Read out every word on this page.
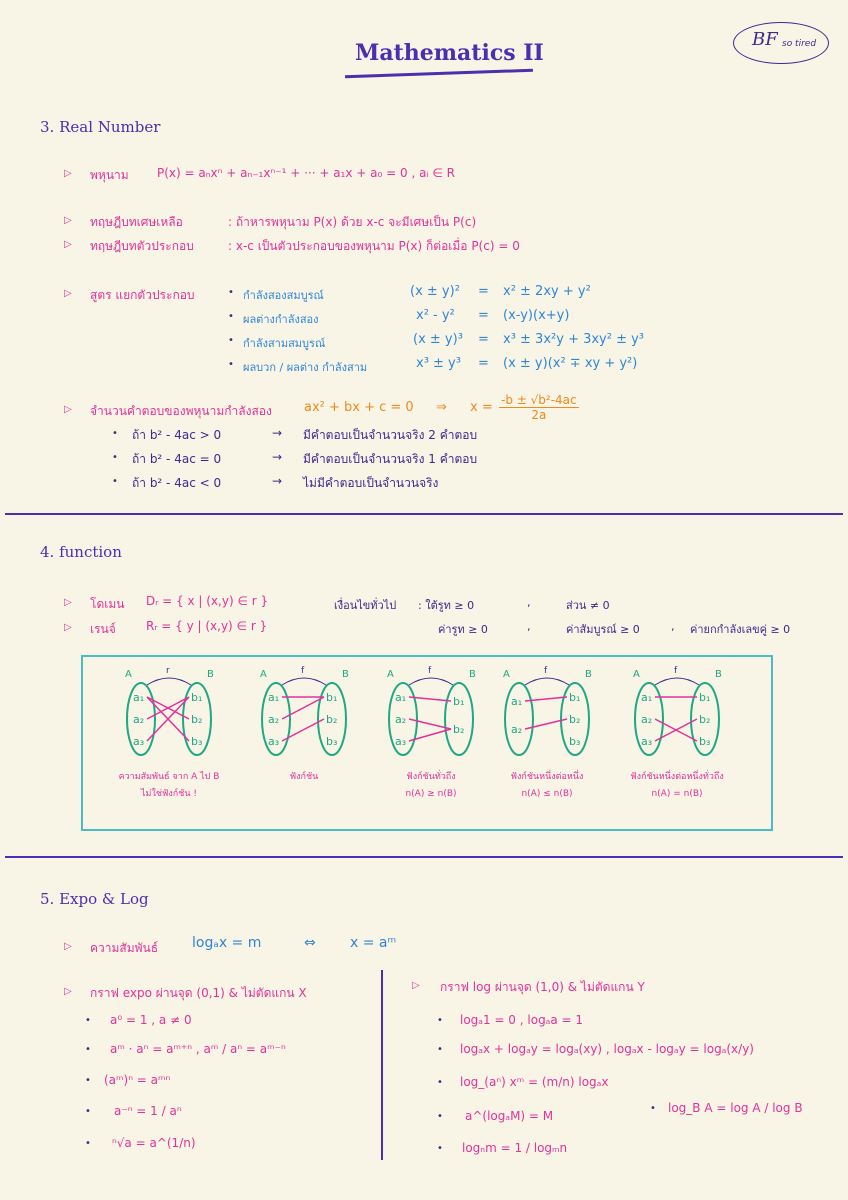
Mathematics II
BF so tired
3. Real Number
▷ พหุนาม P(x) = aₙxⁿ + aₙ₋₁xⁿ⁻¹ + ··· + a₁x + a₀ = 0 , aᵢ ∈ R
▷ ทฤษฎีบทเศษเหลือ	: ถ้าหารพหุนาม P(x) ด้วย x-c จะมีเศษเป็น P(c)
▷ ทฤษฎีบทตัวประกอบ	: x-c เป็นตัวประกอบของพหุนาม P(x) ก็ต่อเมื่อ P(c) = 0
▷ สูตร แยกตัวประกอบ	• กำลังสองสมบูรณ์	(x ± y)² = x² ± 2xy + y²
• ผลต่างกำลังสอง	x² - y² = (x-y)(x+y)
• กำลังสามสมบูรณ์	(x ± y)³ = x³ ± 3x²y + 3xy² ± y³
• ผลบวก / ผลต่าง กำลังสาม	x³ ± y³ = (x ± y)(x² ∓ xy + y²)
▷ จำนวนคำตอบของพหุนามกำลังสอง ax² + bx + c = 0 ⇒ $x = \frac{\text{-b ± √b²-4ac}}{2a}$
• ถ้า b² - 4ac > 0	→ มีคำตอบเป็นจำนวนจริง 2 คำตอบ
• ถ้า b² - 4ac = 0	→ มีคำตอบเป็นจำนวนจริง 1 คำตอบ
• ถ้า b² - 4ac < 0	→ ไม่มีคำตอบเป็นจำนวนจริง
4. function
▷ โดเมน Dᵣ = { x | (x,y) ∈ r }
▷ เรนจ์	Rᵣ = { y | (x,y) ∈ r }
เงื่อนไขทั่วไป : ใต้รูท ≥ 0	,	ส่วน ≠ 0
ค่ารูท ≥ 0	,	ค่าสัมบูรณ์ ≥ 0	, ค่ายกกำลังเลขคู่ ≥ 0
A	B
r
a₁
a₂
a₃
b₁
b₂
b₃
ความสัมพันธ์ จาก A ไป B
ไม่ใช่ฟังก์ชัน !
A	B
f
a₁
a₂
a₃
b₁
b₂
b₃
ฟังก์ชัน
A	B
f
a₁
a₂
a₃
b₁
b₂
ฟังก์ชันทั่วถึง
n(A) ≥ n(B)
A	B
f
a₁
a₂
b₁
b₂
b₃
ฟังก์ชันหนึ่งต่อหนึ่ง
n(A) ≤ n(B)
A	B
f
a₁
a₂
a₃
b₁
b₂
b₃
ฟังก์ชันหนึ่งต่อหนึ่งทั่วถึง
n(A) = n(B)
5. Expo & Log
▷ ความสัมพันธ์ logₐx = m	⇔ x = aᵐ
▷ กราฟ expo ผ่านจุด (0,1) & ไม่ตัดแกน X
• a⁰ = 1 , a ≠ 0
• aᵐ · aⁿ = aᵐ⁺ⁿ , aᵐ / aⁿ = aᵐ⁻ⁿ
• (aᵐ)ⁿ = aᵐⁿ
• a⁻ⁿ = 1 / aⁿ
• ⁿ√a = a^(1/n)
▷ กราฟ log ผ่านจุด (1,0) & ไม่ตัดแกน Y
• logₐ1 = 0 , logₐa = 1
• logₐx + logₐy = logₐ(xy) , logₐx - logₐy = logₐ(x/y)
• log_(aⁿ) xᵐ = (m/n) logₐx
• a^(logₐM) = M
• log_B A = log A / log B
• logₙm = 1 / logₘn
